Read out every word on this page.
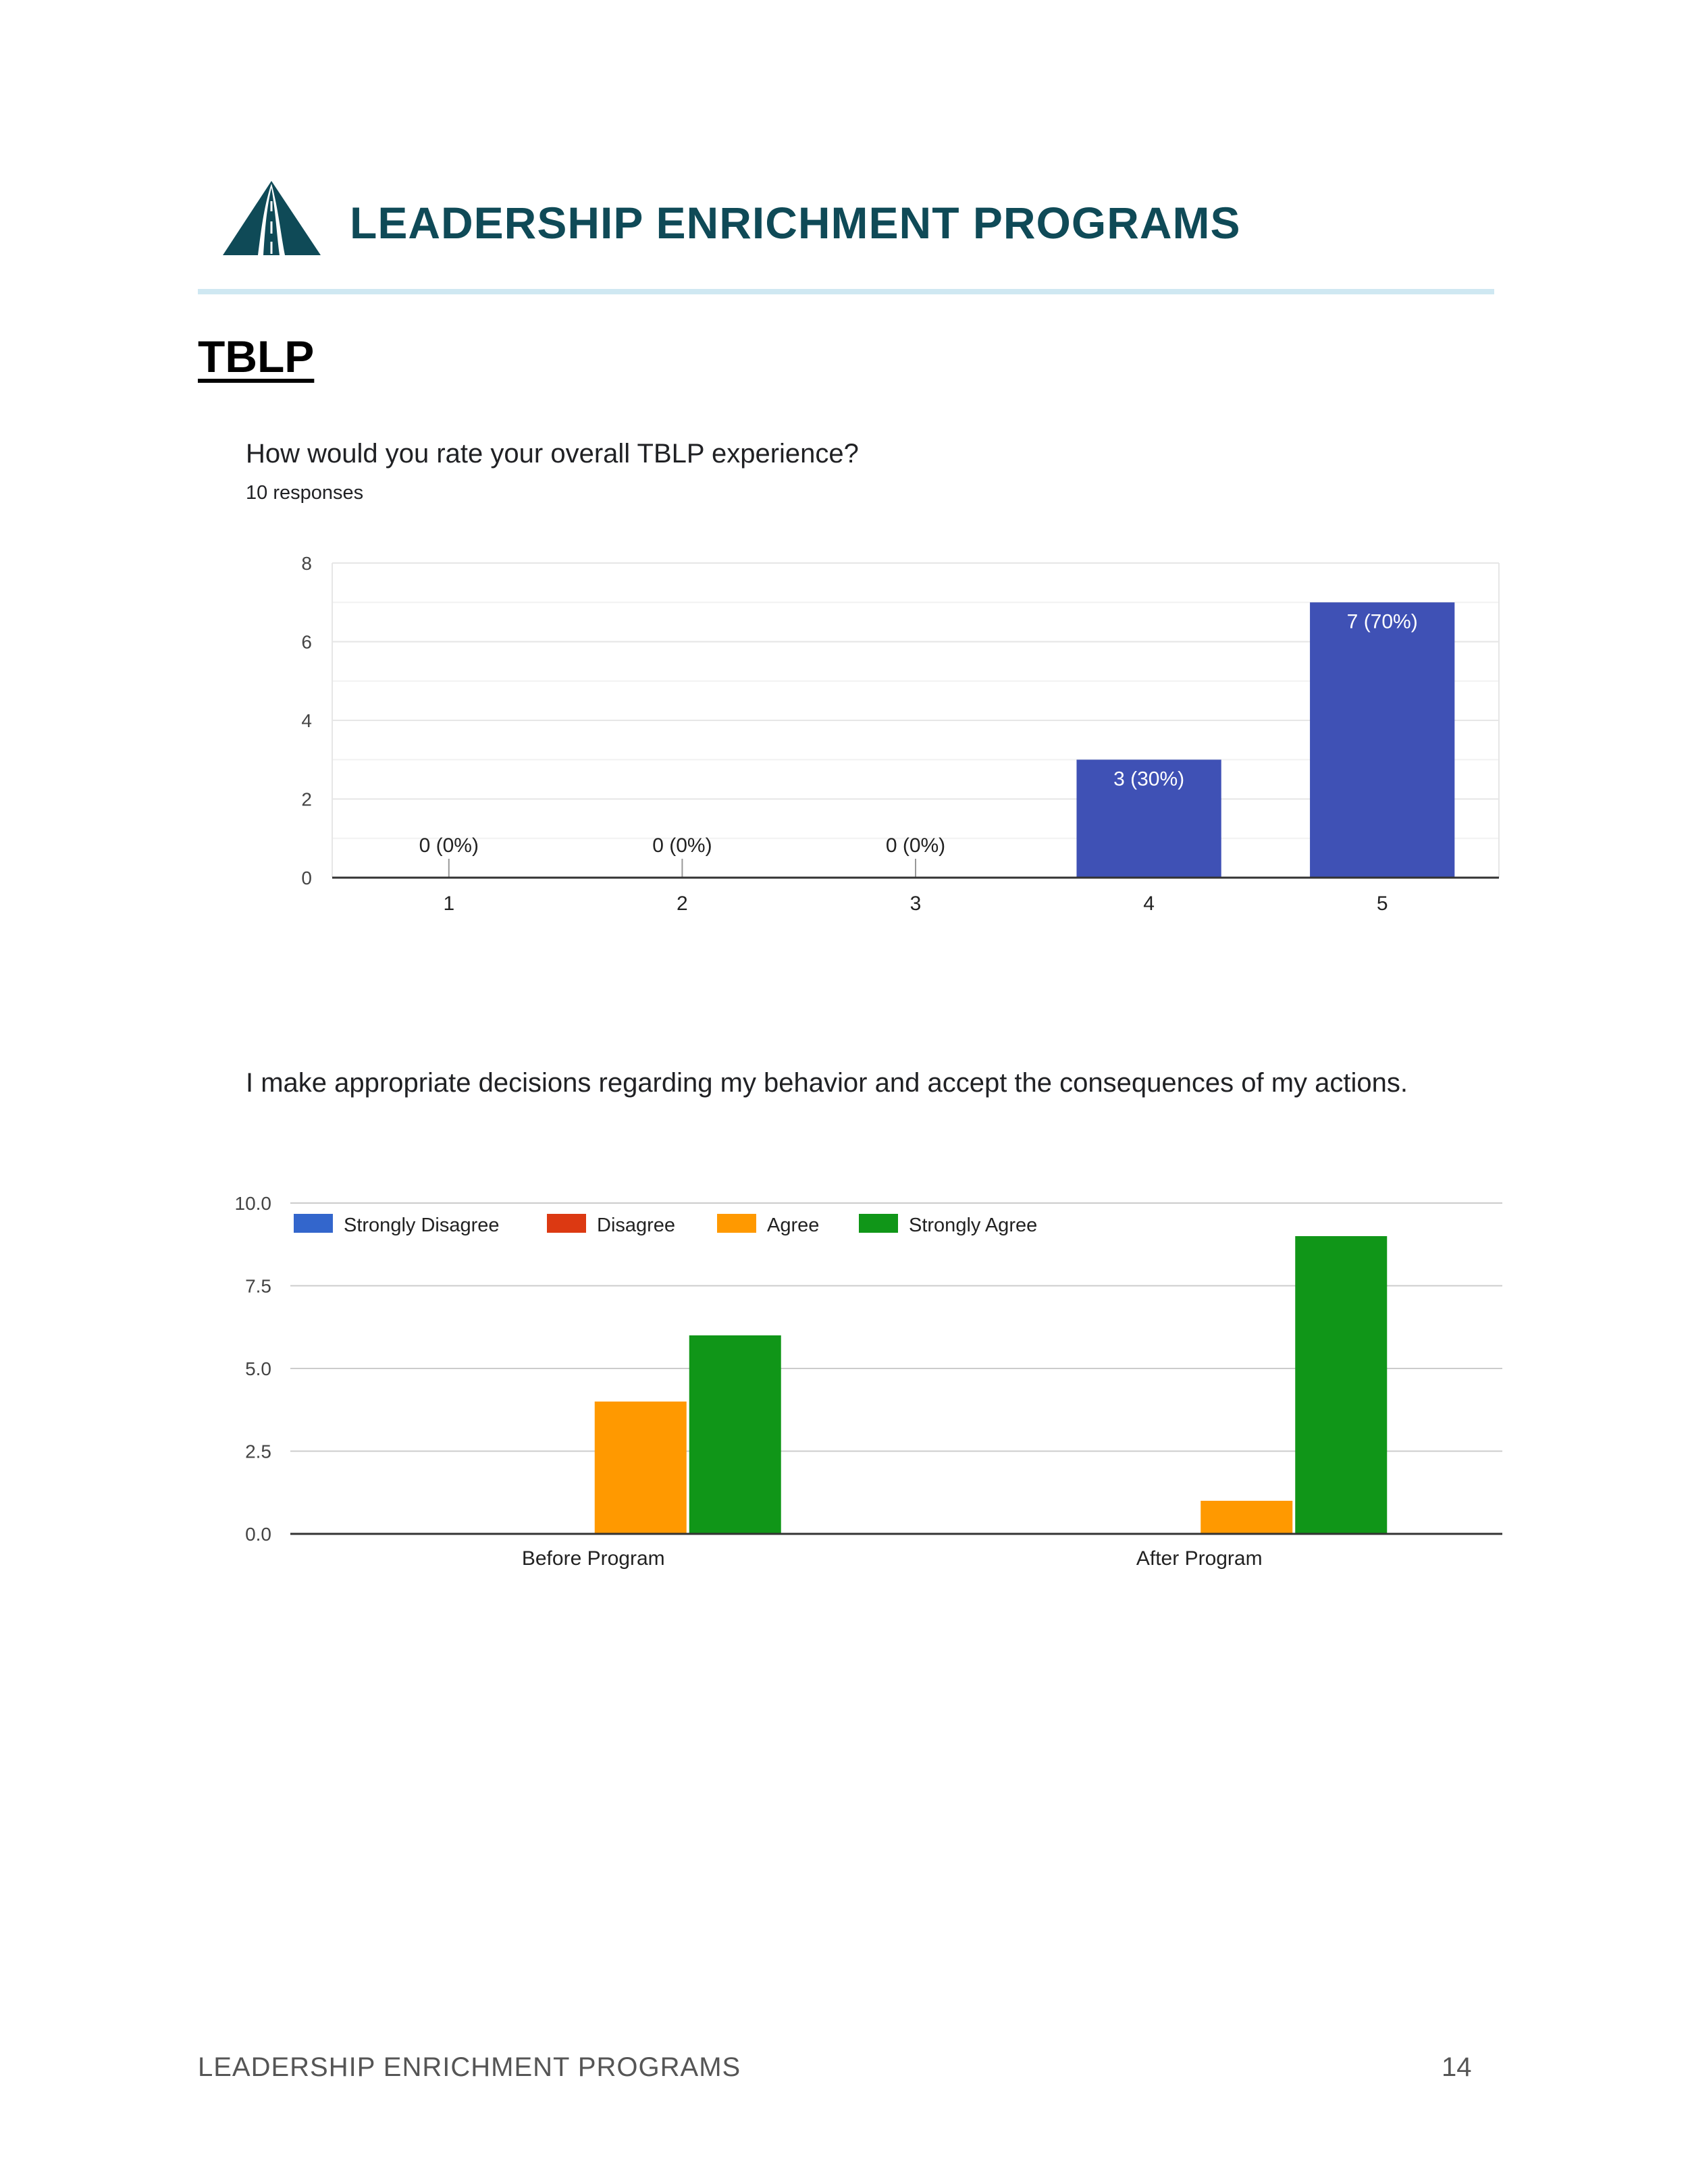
LEADERSHIP ENRICHMENT PROGRAMS
TBLP
How would you rate your overall TBLP experience?
10 responses
0
2
4
6
8
0 (0%)
1
0 (0%)
2
0 (0%)
3
3 (30%)
4
7 (70%)
5
I make appropriate decisions regarding my behavior and accept the consequences of my actions.
0.0
2.5
5.0
7.5
10.0
Strongly Disagree	Disagree	Agree	Strongly Agree
Before Program	After Program
LEADERSHIP ENRICHMENT PROGRAMS	14
